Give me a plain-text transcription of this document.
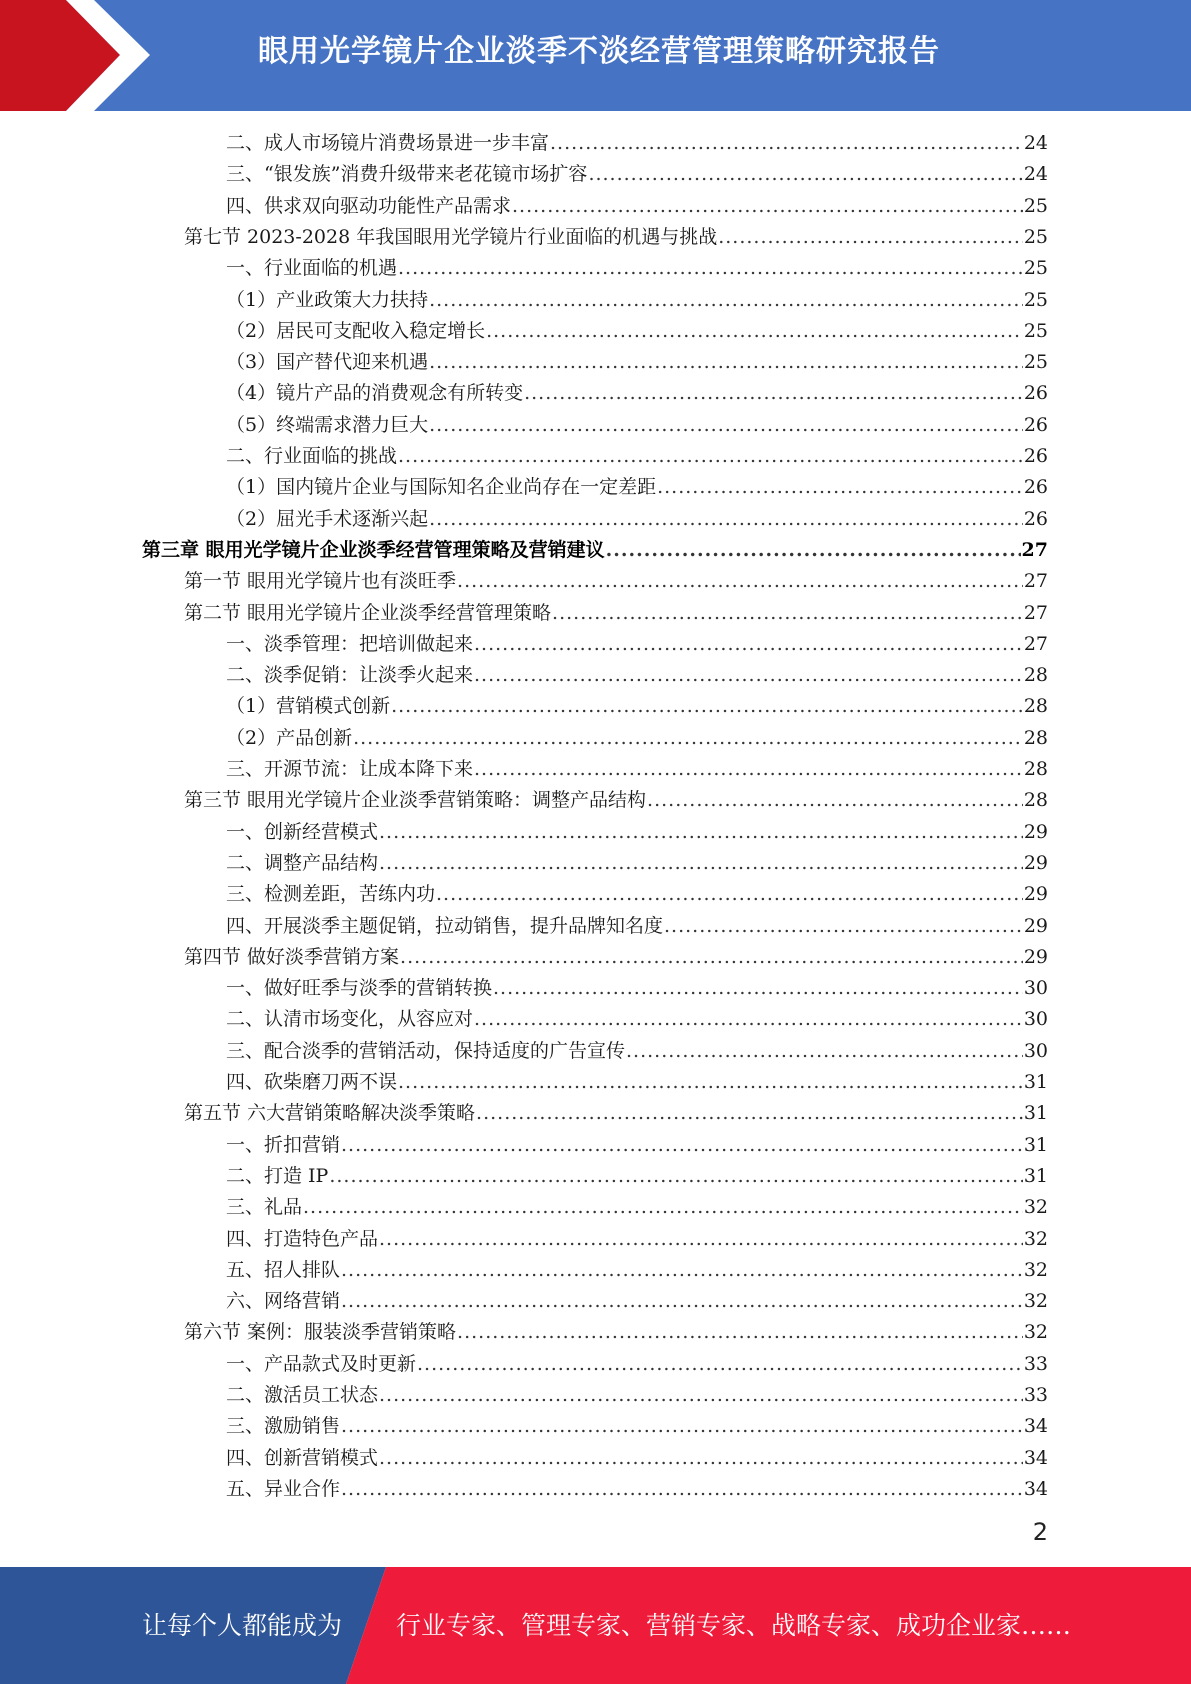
眼用光学镜片企业淡季不淡经营管理策略研究报告
二、成人市场镜片消费场景进一步丰富 .....	24
三、“银发族”消费升级带来老花镜市场扩容 .....	24
四、供求双向驱动功能性产品需求 .....	25
第七节 2023-2028 年我国眼用光学镜片行业面临的机遇与挑战 .....	25
一、行业面临的机遇 .....	25
（1）产业政策大力扶持 .....	25
（2）居民可支配收入稳定增长 .....	25
（3）国产替代迎来机遇 .....	25
（4）镜片产品的消费观念有所转变 .....	26
（5）终端需求潜力巨大 .....	26
二、行业面临的挑战 .....	26
（1）国内镜片企业与国际知名企业尚存在一定差距 .....	26
（2）屈光手术逐渐兴起 .....	26
第三章 眼用光学镜片企业淡季经营管理策略及营销建议 .....	27
第一节 眼用光学镜片也有淡旺季 .....	27
第二节 眼用光学镜片企业淡季经营管理策略 .....	27
一、淡季管理：把培训做起来 .....	27
二、淡季促销：让淡季火起来 .....	28
（1）营销模式创新 .....	28
（2）产品创新 .....	28
三、开源节流：让成本降下来 .....	28
第三节 眼用光学镜片企业淡季营销策略：调整产品结构 .....	28
一、创新经营模式 .....	29
二、调整产品结构 .....	29
三、检测差距，苦练内功 .....	29
四、开展淡季主题促销，拉动销售，提升品牌知名度 .....	29
第四节 做好淡季营销方案 .....	29
一、做好旺季与淡季的营销转换 .....	30
二、认清市场变化，从容应对 .....	30
三、配合淡季的营销活动，保持适度的广告宣传 .....	30
四、砍柴磨刀两不误 .....	31
第五节 六大营销策略解决淡季策略 .....	31
一、折扣营销 .....	31
二、打造 IP .....	31
三、礼品 .....	32
四、打造特色产品 .....	32
五、招人排队 .....	32
六、网络营销 .....	32
第六节 案例：服装淡季营销策略 .....	32
一、产品款式及时更新 .....	33
二、激活员工状态 .....	33
三、激励销售 .....	34
四、创新营销模式 .....	34
五、异业合作 .....	34
2
让每个人都能成为 行业专家、管理专家、营销专家、战略专家、成功企业家……
